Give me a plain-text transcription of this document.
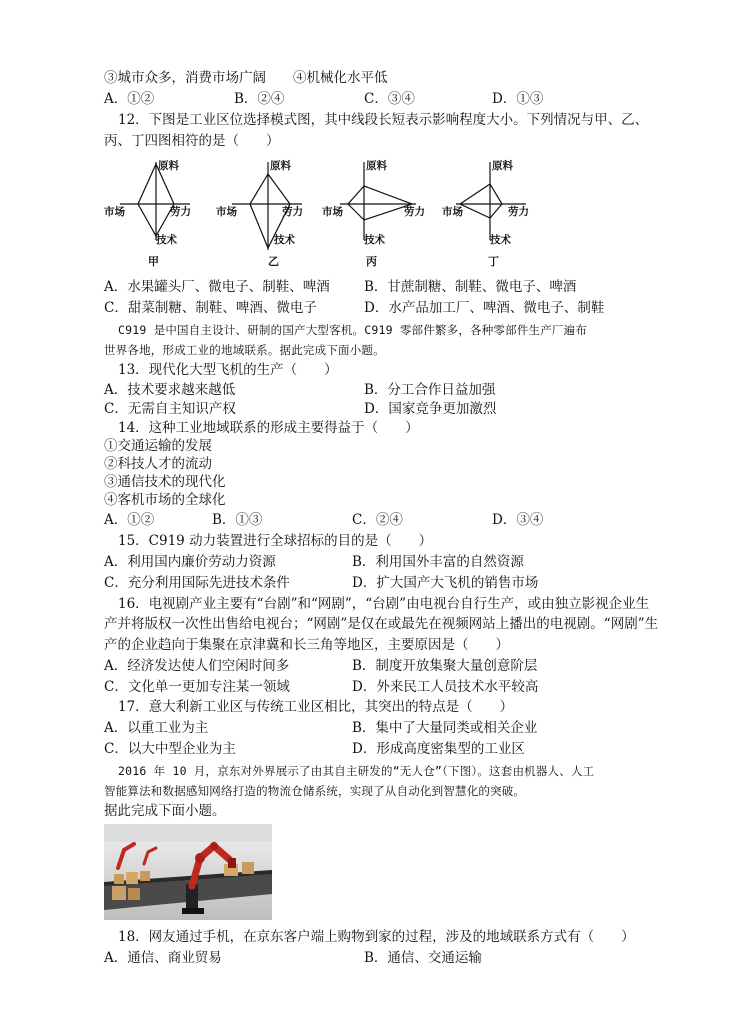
③城市众多，消费市场广阔　　④机械化水平低
A．①②	B．②④	C．③④	D．①③
12．下图是工业区位选择模式图，其中线段长短表示影响程度大小。下列情况与甲、乙、
丙、丁四图相符的是（　　）
原料
市场	劳力
技术
甲
原料
市场	劳力
技术
乙
原料
市场	劳力
技术
丙
原料
市场	劳力
技术
丁
A．水果罐头厂、微电子、制鞋、啤酒	B．甘蔗制糖、制鞋、微电子、啤酒
C．甜菜制糖、制鞋、啤酒、微电子	D．水产品加工厂、啤酒、微电子、制鞋
C919 是中国自主设计、研制的国产大型客机。C919 零部件繁多，各种零部件生产厂遍布
世界各地，形成工业的地域联系。据此完成下面小题。
13．现代化大型飞机的生产（　　）
A．技术要求越来越低	B．分工合作日益加强
C．无需自主知识产权	D．国家竞争更加激烈
14．这种工业地域联系的形成主要得益于（　　）
①交通运输的发展
②科技人才的流动
③通信技术的现代化
④客机市场的全球化
A．①②	B．①③	C．②④	D．③④
15．C919 动力装置进行全球招标的目的是（　　）
A．利用国内廉价劳动力资源	B．利用国外丰富的自然资源
C．充分利用国际先进技术条件	D．扩大国产大飞机的销售市场
16．电视剧产业主要有“台剧”和“网剧”，“台剧”由电视台自行生产，或由独立影视企业生
产并将版权一次性出售给电视台；“网剧”是仅在或最先在视频网站上播出的电视剧。“网剧”生
产的企业趋向于集聚在京津冀和长三角等地区，主要原因是（　　）
A．经济发达使人们空闲时间多	B．制度开放集聚大量创意阶层
C．文化单一更加专注某一领域	D．外来民工人员技术水平较高
17．意大利新工业区与传统工业区相比，其突出的特点是（　　）
A．以重工业为主	B．集中了大量同类或相关企业
C．以大中型企业为主	D．形成高度密集型的工业区
2016 年 10 月，京东对外界展示了由其自主研发的“无人仓”（下图）。这套由机器人、人工
智能算法和数据感知网络打造的物流仓储系统，实现了从自动化到智慧化的突破。
据此完成下面小题。
18．网友通过手机，在京东客户端上购物到家的过程，涉及的地域联系方式有（　　）
A．通信、商业贸易	B．通信、交通运输
